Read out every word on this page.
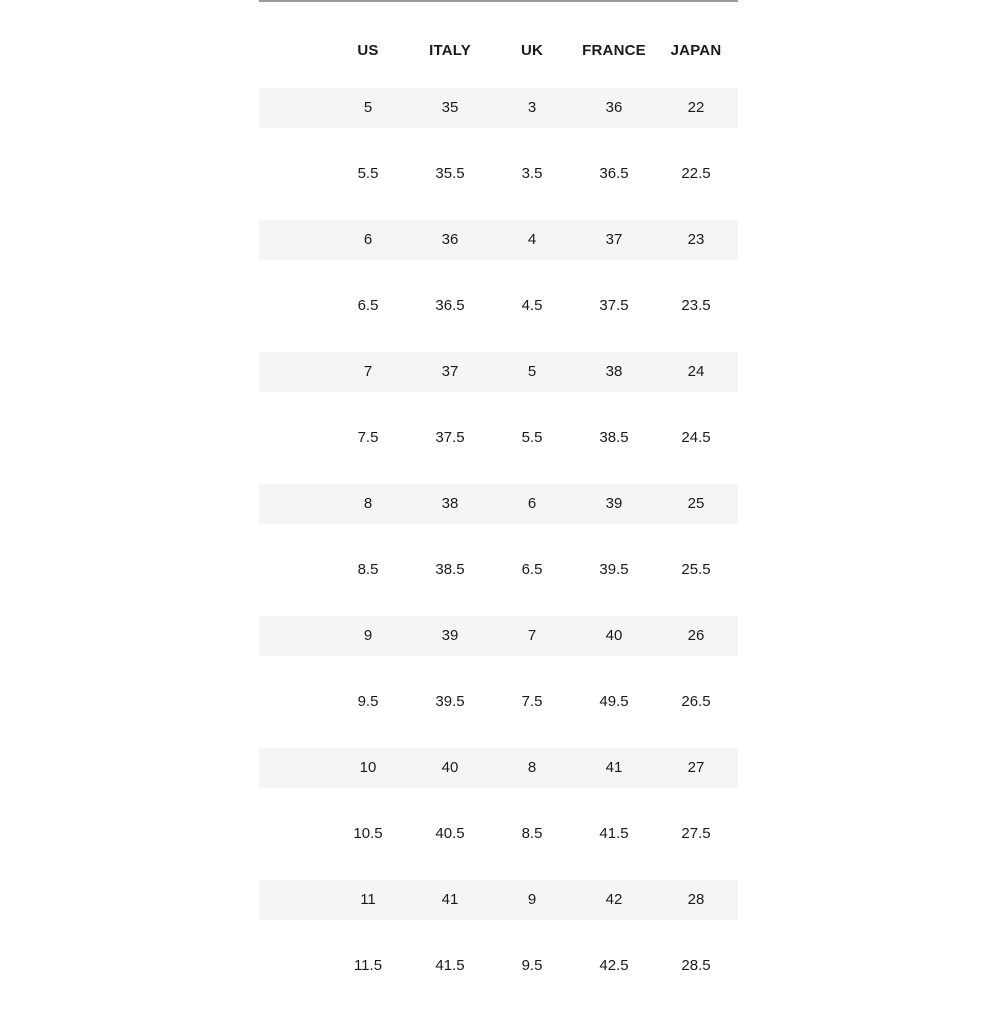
US	ITALY	UK	FRANCE	JAPAN
5	35	3	36	22
5.5	35.5	3.5	36.5	22.5
6	36	4	37	23
6.5	36.5	4.5	37.5	23.5
7	37	5	38	24
7.5	37.5	5.5	38.5	24.5
8	38	6	39	25
8.5	38.5	6.5	39.5	25.5
9	39	7	40	26
9.5	39.5	7.5	49.5	26.5
10	40	8	41	27
10.5	40.5	8.5	41.5	27.5
11	41	9	42	28
11.5	41.5	9.5	42.5	28.5
